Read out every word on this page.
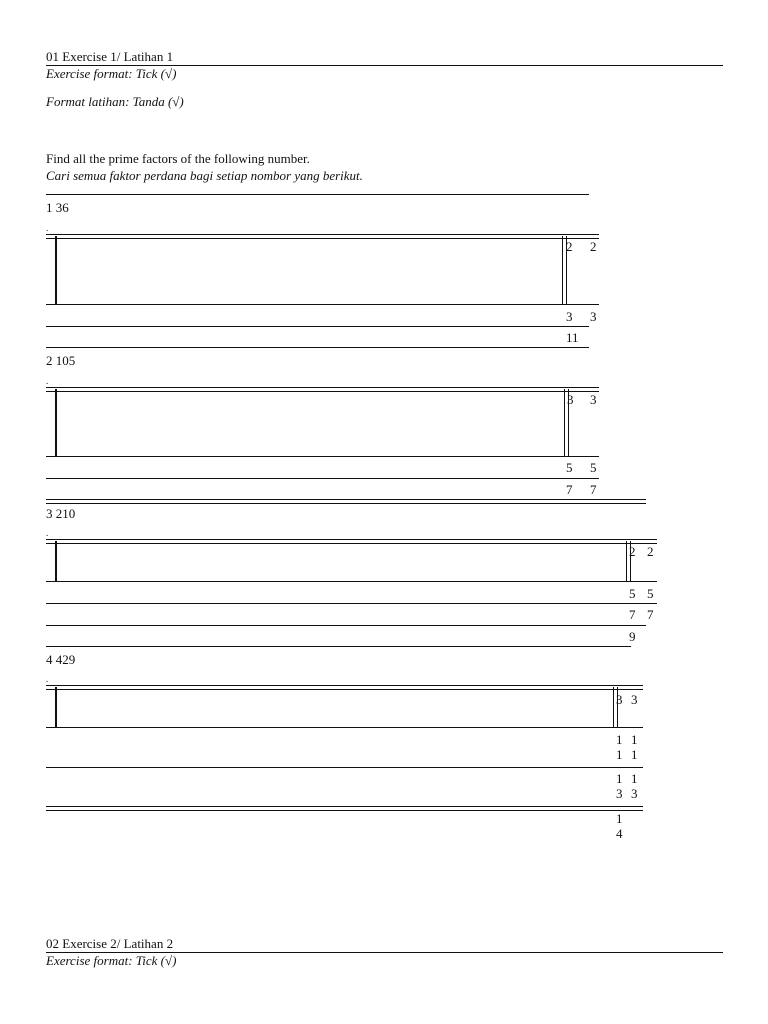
01 Exercise 1/ Latihan 1
Exercise format: Tick (√)
Format latihan: Tanda (√)
Find all the prime factors of the following number.
Cari semua faktor perdana bagi setiap nombor yang berikut.
1 36
.
2 2
3 3
11
2 105
.
3 3
5 5
7 7
3 210
.
2 2
5 5
7 7
9
4 429
.
3 3
1
1
1
1
1
3
1
3
1
4
02 Exercise 2/ Latihan 2
Exercise format: Tick (√)
